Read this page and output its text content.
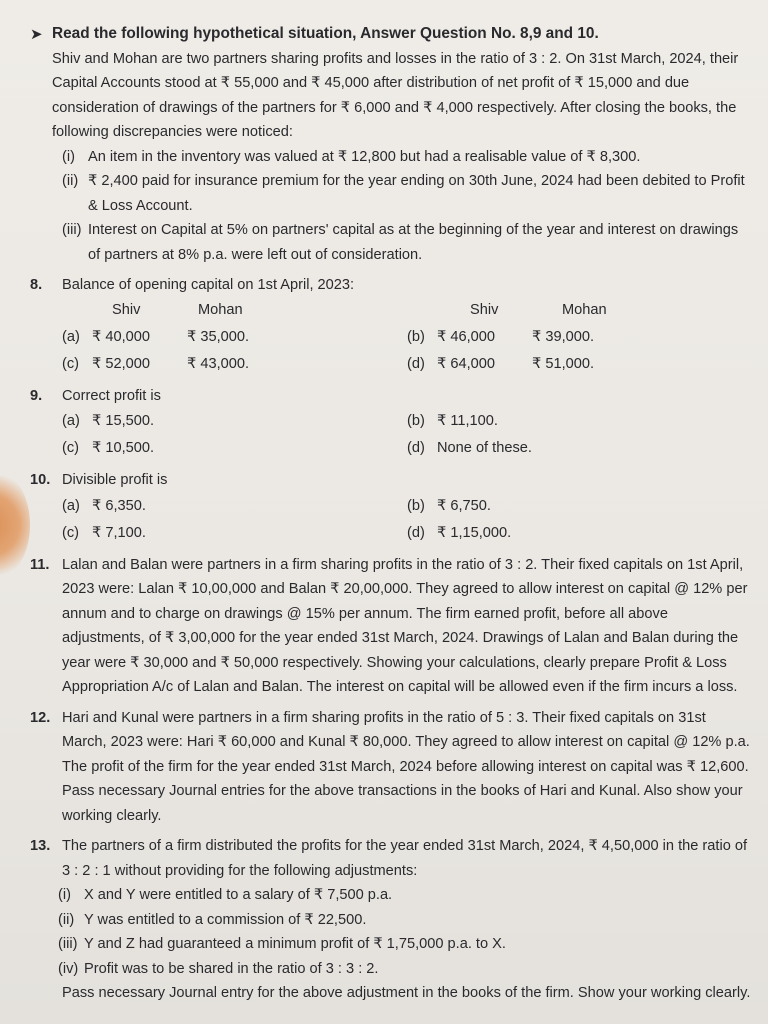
➤ Read the following hypothetical situation, Answer Question No. 8,9 and 10.
Shiv and Mohan are two partners sharing profits and losses in the ratio of 3 : 2. On 31st March, 2024, their Capital Accounts stood at ₹ 55,000 and ₹ 45,000 after distribution of net profit of ₹ 15,000 and due consideration of drawings of the partners for ₹ 6,000 and ₹ 4,000 respectively. After closing the books, the following discrepancies were noticed:
(i) An item in the inventory was valued at ₹ 12,800 but had a realisable value of ₹ 8,300.
(ii) ₹ 2,400 paid for insurance premium for the year ending on 30th June, 2024 had been debited to Profit & Loss Account.
(iii) Interest on Capital at 5% on partners' capital as at the beginning of the year and interest on drawings of partners at 8% p.a. were left out of consideration.
8.	Balance of opening capital on 1st April, 2023:
Shiv	Mohan	Shiv	Mohan
(a) ₹ 40,000	₹ 35,000.	(b) ₹ 46,000	₹ 39,000.
(c) ₹ 52,000	₹ 43,000.	(d) ₹ 64,000	₹ 51,000.
9.	Correct profit is
(a) ₹ 15,500.	(b) ₹ 11,100.
(c) ₹ 10,500.	(d) None of these.
10. Divisible profit is
(a) ₹ 6,350.	(b) ₹ 6,750.
(c) ₹ 7,100.	(d) ₹ 1,15,000.
11. Lalan and Balan were partners in a firm sharing profits in the ratio of 3 : 2. Their fixed capitals on 1st April, 2023 were: Lalan ₹ 10,00,000 and Balan ₹ 20,00,000. They agreed to allow interest on capital @ 12% per annum and to charge on drawings @ 15% per annum. The firm earned profit, before all above adjustments, of ₹ 3,00,000 for the year ended 31st March, 2024. Drawings of Lalan and Balan during the year were ₹ 30,000 and ₹ 50,000 respectively. Showing your calculations, clearly prepare Profit & Loss Appropriation A/c of Lalan and Balan. The interest on capital will be allowed even if the firm incurs a loss.
12. Hari and Kunal were partners in a firm sharing profits in the ratio of 5 : 3. Their fixed capitals on 31st March, 2023 were: Hari ₹ 60,000 and Kunal ₹ 80,000. They agreed to allow interest on capital @ 12% p.a. The profit of the firm for the year ended 31st March, 2024 before allowing interest on capital was ₹ 12,600. Pass necessary Journal entries for the above transactions in the books of Hari and Kunal. Also show your working clearly.
13. The partners of a firm distributed the profits for the year ended 31st March, 2024, ₹ 4,50,000 in the ratio of 3 : 2 : 1 without providing for the following adjustments:
(i) X and Y were entitled to a salary of ₹ 7,500 p.a.
(ii) Y was entitled to a commission of ₹ 22,500.
(iii) Y and Z had guaranteed a minimum profit of ₹ 1,75,000 p.a. to X.
(iv) Profit was to be shared in the ratio of 3 : 3 : 2.
Pass necessary Journal entry for the above adjustment in the books of the firm. Show your working clearly.
